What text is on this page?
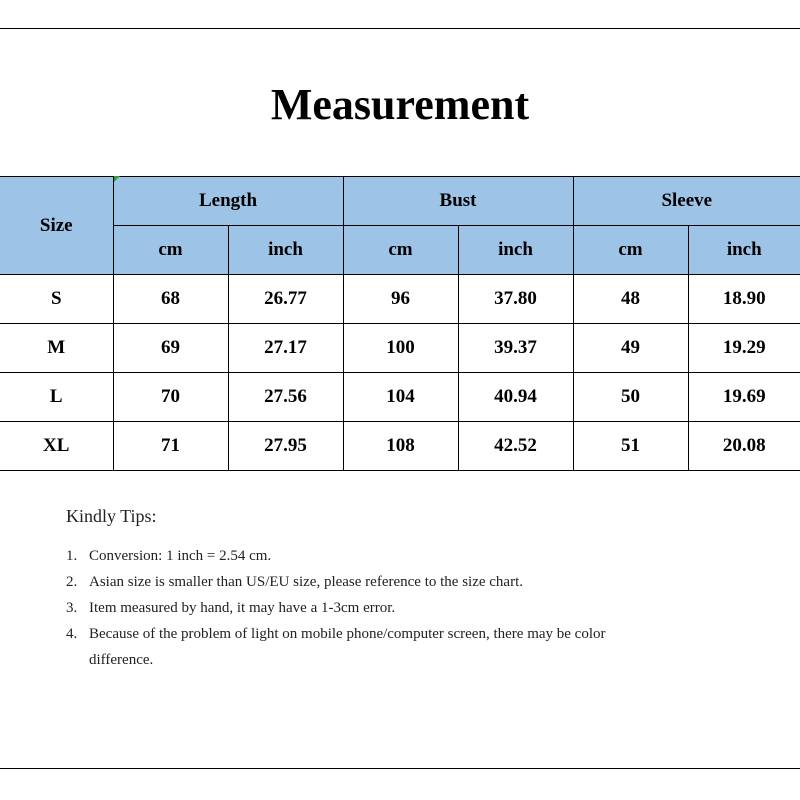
Measurement
Size	Length		Bust		Sleeve	
	cm	inch	cm	inch	cm	inch
S	68	26.77	96	37.80	48	18.90
M	69	27.17	100	39.37	49	19.29
L	70	27.56	104	40.94	50	19.69
XL	71	27.95	108	42.52	51	20.08
Kindly Tips:
1. Conversion: 1 inch = 2.54 cm.
2. Asian size is smaller than US/EU size, please reference to the size chart.
3. Item measured by hand, it may have a 1-3cm error.
4. Because of the problem of light on mobile phone/computer screen, there may be color difference.
